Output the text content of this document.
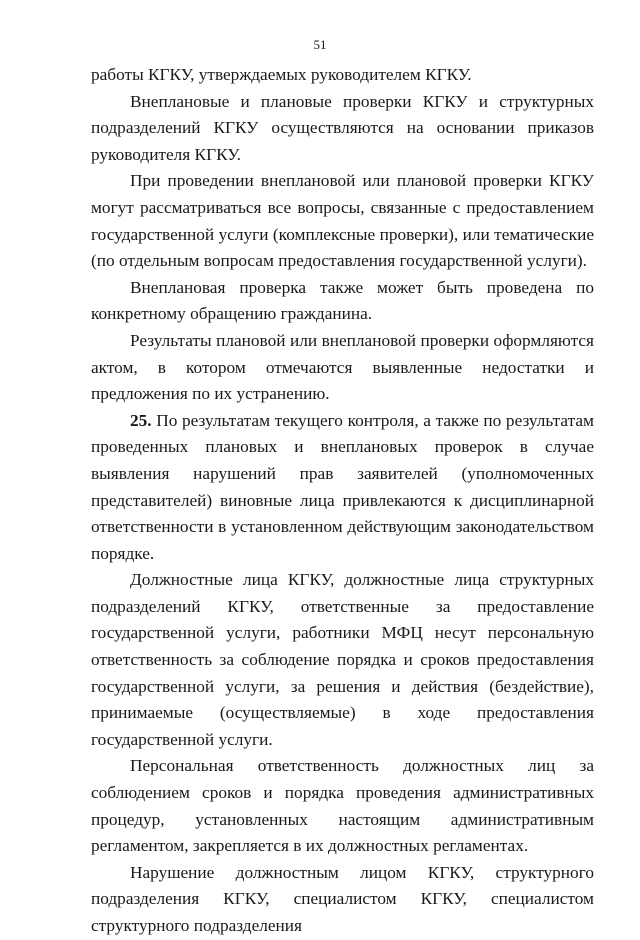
51

работы КГКУ, утверждаемых руководителем КГКУ.

Внеплановые и плановые проверки КГКУ и структурных подразделений КГКУ осуществляются на основании приказов руководителя КГКУ.

При проведении внеплановой или плановой проверки КГКУ могут рассматриваться все вопросы, связанные с предоставлением государственной услуги (комплексные проверки), или тематические (по отдельным вопросам предоставления государственной услуги).

Внеплановая проверка также может быть проведена по конкретному обращению гражданина.

Результаты плановой или внеплановой проверки оформляются актом, в котором отмечаются выявленные недостатки и предложения по их устранению.

25. По результатам текущего контроля, а также по результатам проведенных плановых и внеплановых проверок в случае выявления нарушений прав заявителей (уполномоченных представителей) виновные лица привлекаются к дисциплинарной ответственности в установленном действующим законодательством порядке.

Должностные лица КГКУ, должностные лица структурных подразделений КГКУ, ответственные за предоставление государственной услуги, работники МФЦ несут персональную ответственность за соблюдение порядка и сроков предоставления государственной услуги, за решения и действия (бездействие), принимаемые (осуществляемые) в ходе предоставления государственной услуги.

Персональная ответственность должностных лиц за соблюдением сроков и порядка проведения административных процедур, установленных настоящим административным регламентом, закрепляется в их должностных регламентах.

Нарушение должностным лицом КГКУ, структурного подразделения КГКУ, специалистом КГКУ, специалистом структурного подразделения
